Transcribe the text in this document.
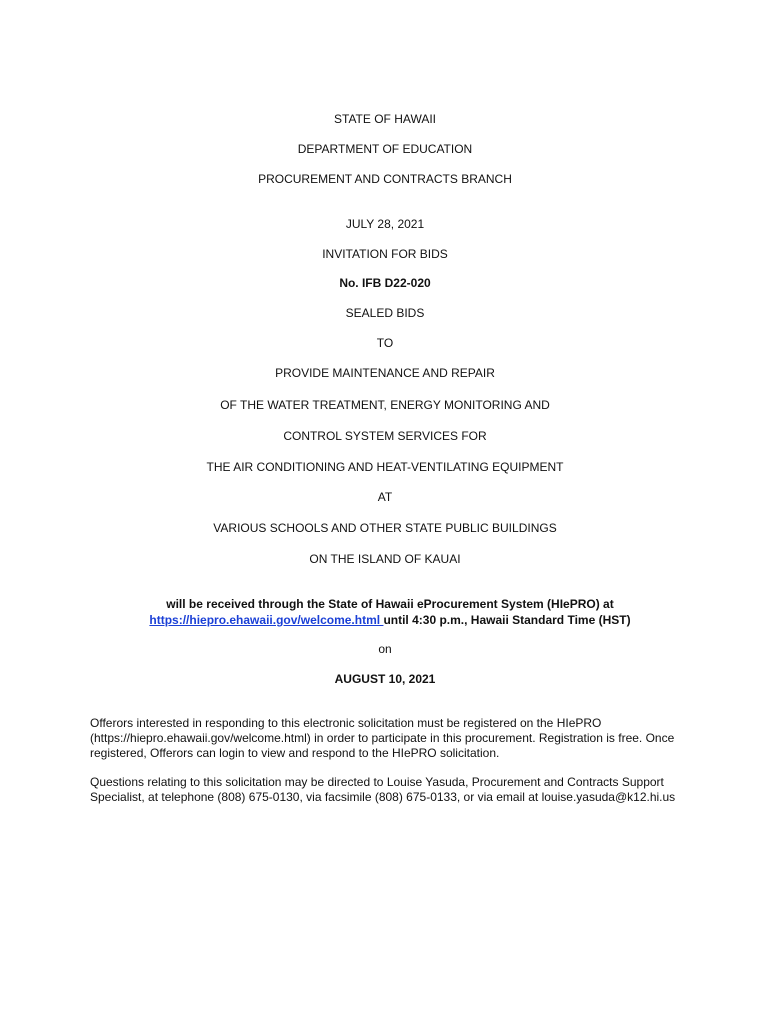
STATE OF HAWAII
DEPARTMENT OF EDUCATION
PROCUREMENT AND CONTRACTS BRANCH
JULY 28, 2021
INVITATION FOR BIDS
No. IFB D22-020
SEALED BIDS
TO
PROVIDE MAINTENANCE AND REPAIR
OF THE WATER TREATMENT, ENERGY MONITORING AND
CONTROL SYSTEM SERVICES FOR
THE AIR CONDITIONING AND HEAT-VENTILATING EQUIPMENT
AT
VARIOUS SCHOOLS AND OTHER STATE PUBLIC BUILDINGS
ON THE ISLAND OF KAUAI
will be received through the State of Hawaii eProcurement System (HIePRO) at
https://hiepro.ehawaii.gov/welcome.html until 4:30 p.m., Hawaii Standard Time (HST)
on
AUGUST 10, 2021
Offerors interested in responding to this electronic solicitation must be registered on the HIePRO (https://hiepro.ehawaii.gov/welcome.html) in order to participate in this procurement. Registration is free. Once registered, Offerors can login to view and respond to the HIePRO solicitation.
Questions relating to this solicitation may be directed to Louise Yasuda, Procurement and Contracts Support Specialist, at telephone (808) 675-0130, via facsimile (808) 675-0133, or via email at louise.yasuda@k12.hi.us
